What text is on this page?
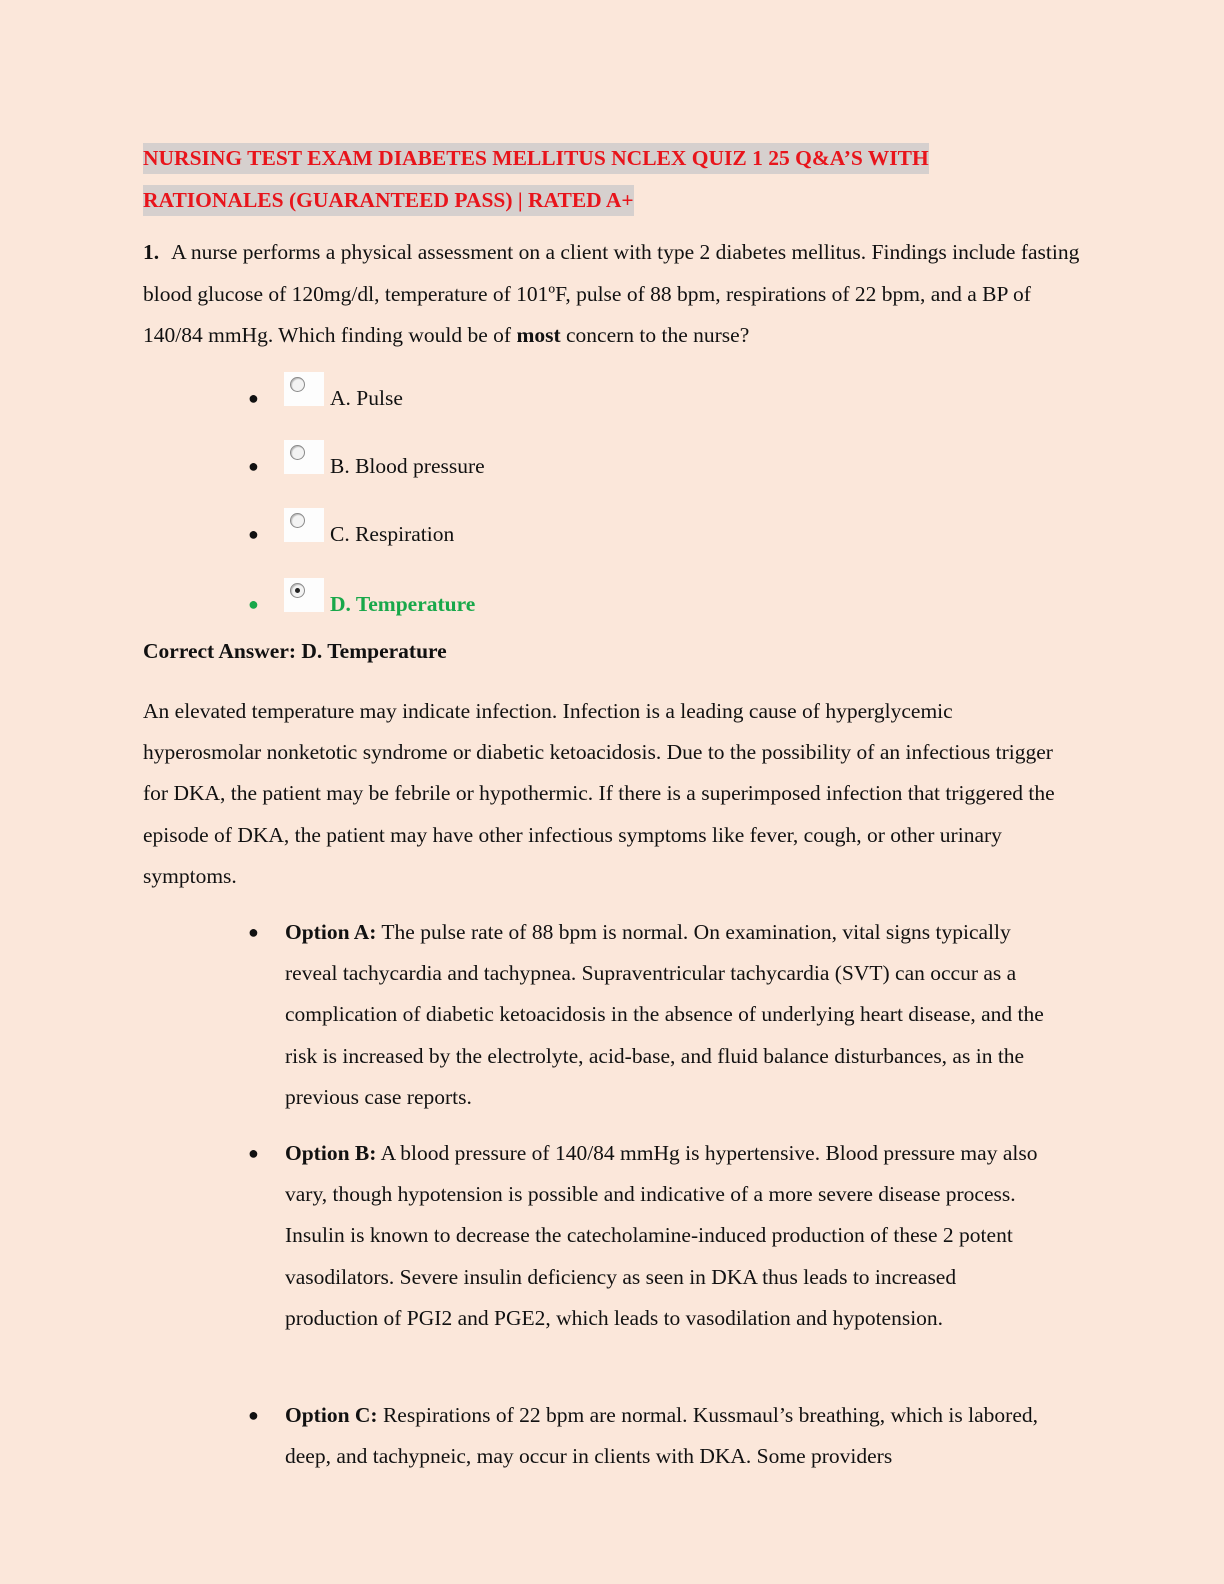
NURSING TEST EXAM DIABETES MELLITUS NCLEX QUIZ 1 25 Q&A’S WITH
RATIONALES (GUARANTEED PASS) | RATED A+

1. A nurse performs a physical assessment on a client with type 2 diabetes mellitus. Findings include fasting blood glucose of 120mg/dl, temperature of 101ºF, pulse of 88 bpm, respirations of 22 bpm, and a BP of 140/84 mmHg. Which finding would be of most concern to the nurse?

●	A. Pulse
●	B. Blood pressure
●	C. Respiration
●	D. Temperature
Correct Answer: D. Temperature

An elevated temperature may indicate infection. Infection is a leading cause of hyperglycemic hyperosmolar nonketotic syndrome or diabetic ketoacidosis. Due to the possibility of an infectious trigger for DKA, the patient may be febrile or hypothermic. If there is a superimposed infection that triggered the episode of DKA, the patient may have other infectious symptoms like fever, cough, or other urinary symptoms.

● Option A: The pulse rate of 88 bpm is normal. On examination, vital signs typically reveal tachycardia and tachypnea. Supraventricular tachycardia (SVT) can occur as a complication of diabetic ketoacidosis in the absence of underlying heart disease, and the risk is increased by the electrolyte, acid-base, and fluid balance disturbances, as in the previous case reports.
● Option B: A blood pressure of 140/84 mmHg is hypertensive. Blood pressure may also vary, though hypotension is possible and indicative of a more severe disease process. Insulin is known to decrease the catecholamine-induced production of these 2 potent vasodilators. Severe insulin deficiency as seen in DKA thus leads to increased production of PGI2 and PGE2, which leads to vasodilation and hypotension.
● Option C: Respirations of 22 bpm are normal. Kussmaul’s breathing, which is labored, deep, and tachypneic, may occur in clients with DKA. Some providers
